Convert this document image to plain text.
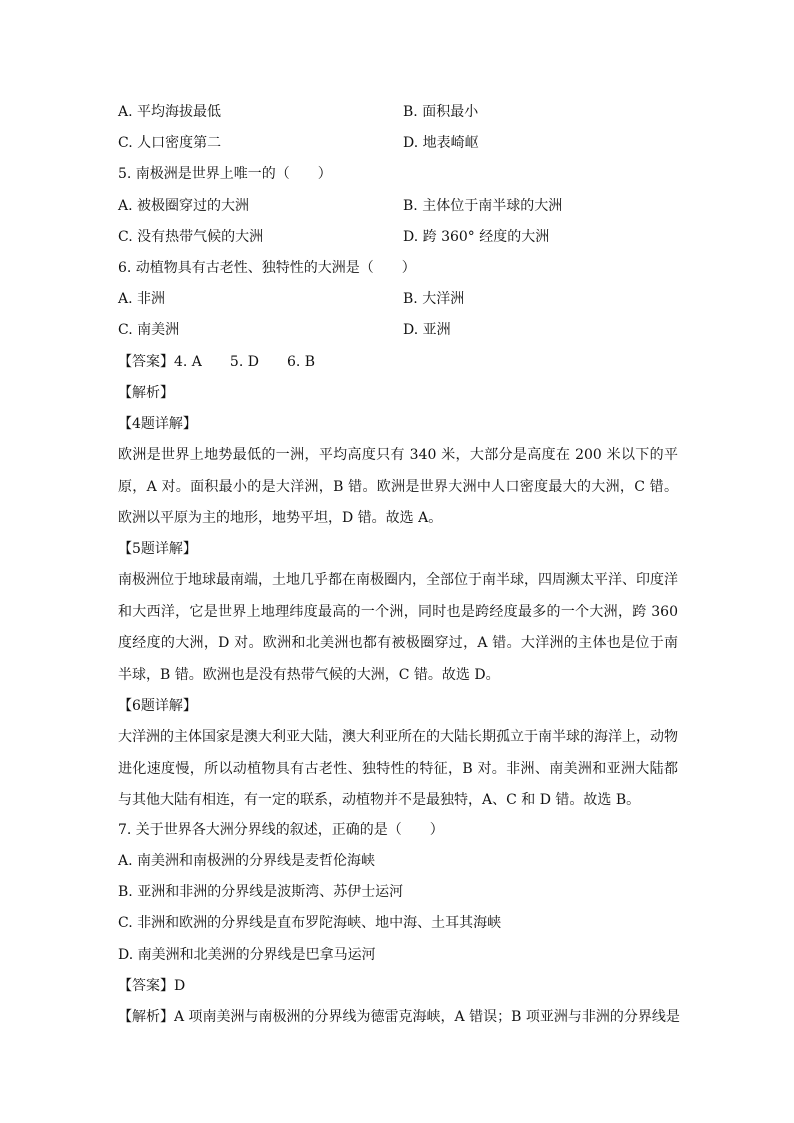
A. 平均海拔最低	B. 面积最小
C. 人口密度第二	D. 地表崎岖
5. 南极洲是世界上唯一的（　　）
A. 被极圈穿过的大洲	B. 主体位于南半球的大洲
C. 没有热带气候的大洲	D. 跨 360° 经度的大洲
6. 动植物具有古老性、独特性的大洲是（　　）
A. 非洲	B. 大洋洲
C. 南美洲	D. 亚洲
【答案】4. A　　5. D　　6. B
【解析】
【4题详解】
欧洲是世界上地势最低的一洲，平均高度只有 340 米，大部分是高度在 200 米以下的平原，A 对。面积最小的是大洋洲，B 错。欧洲是世界大洲中人口密度最大的大洲，C 错。欧洲以平原为主的地形，地势平坦，D 错。故选 A。
【5题详解】
南极洲位于地球最南端，土地几乎都在南极圈内，全部位于南半球，四周濒太平洋、印度洋和大西洋，它是世界上地理纬度最高的一个洲，同时也是跨经度最多的一个大洲，跨 360 度经度的大洲，D 对。欧洲和北美洲也都有被极圈穿过，A 错。大洋洲的主体也是位于南半球，B 错。欧洲也是没有热带气候的大洲，C 错。故选 D。
【6题详解】
大洋洲的主体国家是澳大利亚大陆，澳大利亚所在的大陆长期孤立于南半球的海洋上，动物进化速度慢，所以动植物具有古老性、独特性的特征，B 对。非洲、南美洲和亚洲大陆都与其他大陆有相连，有一定的联系，动植物并不是最独特，A、C 和 D 错。故选 B。
7. 关于世界各大洲分界线的叙述，正确的是（　　）
A. 南美洲和南极洲的分界线是麦哲伦海峡
B. 亚洲和非洲的分界线是波斯湾、苏伊士运河
C. 非洲和欧洲的分界线是直布罗陀海峡、地中海、土耳其海峡
D. 南美洲和北美洲的分界线是巴拿马运河
【答案】D
【解析】A 项南美洲与南极洲的分界线为德雷克海峡，A 错误；B 项亚洲与非洲的分界线是
